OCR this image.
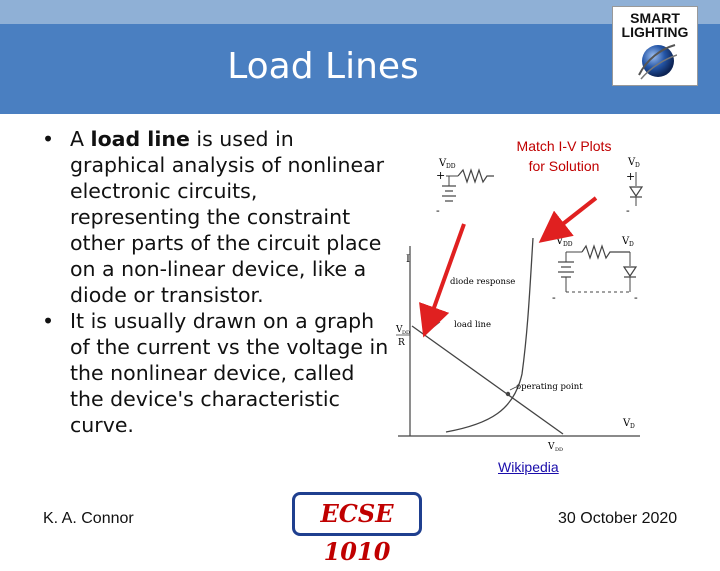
Load Lines
SMART
LIGHTING

• A load line is used in graphical analysis of nonlinear electronic circuits, representing the constraint other parts of the circuit place on a non-linear device, like a diode or transistor.

• It is usually drawn on a graph of the current vs the voltage in the nonlinear device, called the device's characteristic curve.

V DD
+
-
V D
+
-
V DD	V D
-	-
I
V D
V DD
R
diode response
load line
operating point
V DD
Match I-V Plots for Solution
Wikipedia
K. A. Connor	ECSE 1010
30 October 2020
